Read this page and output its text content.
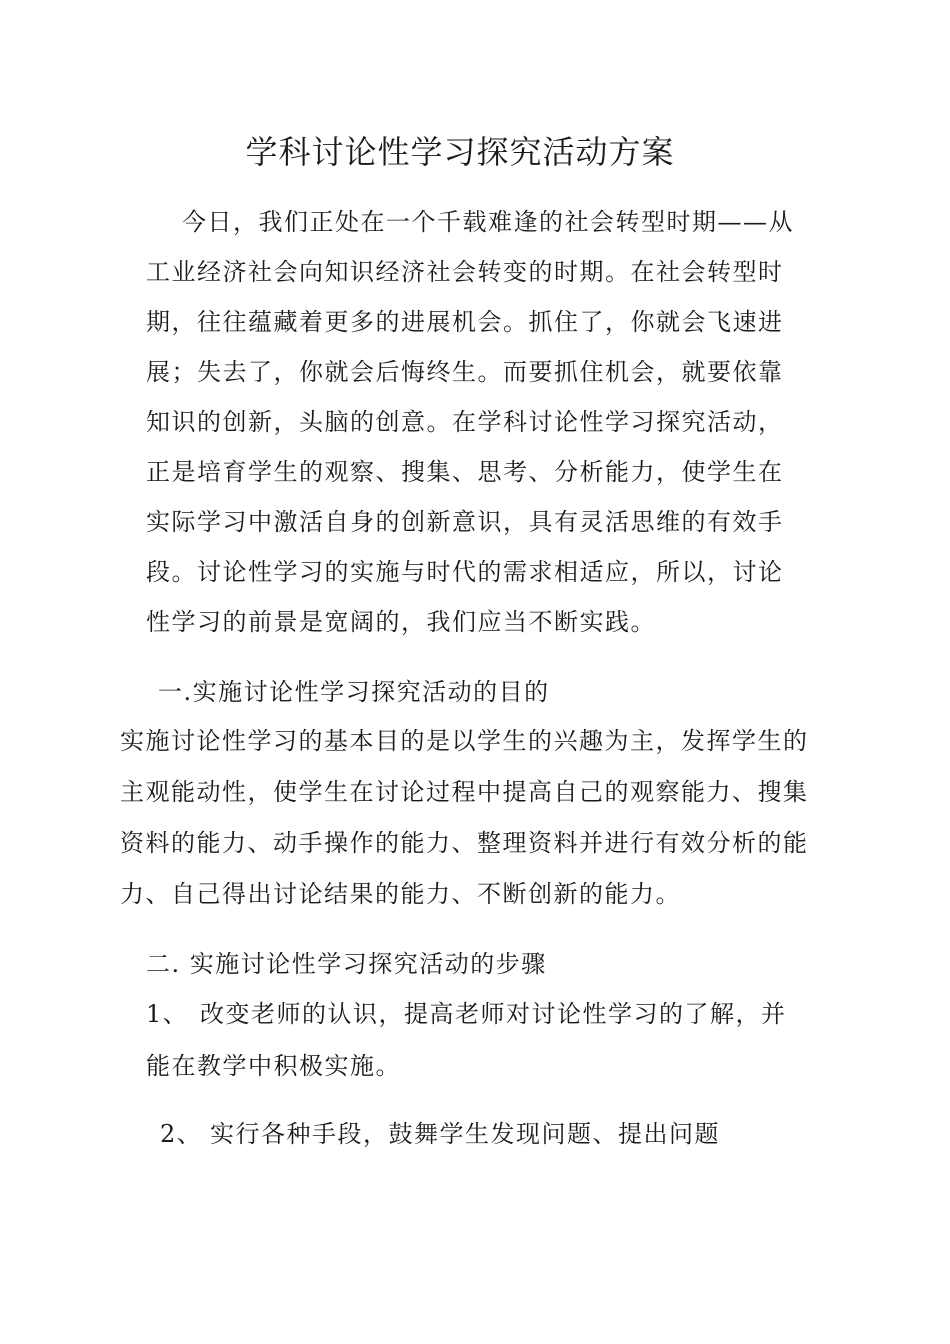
学科讨论性学习探究活动方案

今日，我们正处在一个千载难逢的社会转型时期——从工业经济社会向知识经济社会转变的时期。在社会转型时期，往往蕴藏着更多的进展机会。抓住了，你就会飞速进展；失去了，你就会后悔终生。而要抓住机会，就要依靠知识的创新，头脑的创意。在学科讨论性学习探究活动，正是培育学生的观察、搜集、思考、分析能力，使学生在实际学习中激活自身的创新意识，具有灵活思维的有效手段。讨论性学习的实施与时代的需求相适应，所以，讨论性学习的前景是宽阔的，我们应当不断实践。

一.实施讨论性学习探究活动的目的

实施讨论性学习的基本目的是以学生的兴趣为主，发挥学生的主观能动性，使学生在讨论过程中提高自己的观察能力、搜集资料的能力、动手操作的能力、整理资料并进行有效分析的能力、自己得出讨论结果的能力、不断创新的能力。

二. 实施讨论性学习探究活动的步骤

1、 改变老师的认识，提高老师对讨论性学习的了解，并能在教学中积极实施。

2、 实行各种手段，鼓舞学生发现问题、提出问题
